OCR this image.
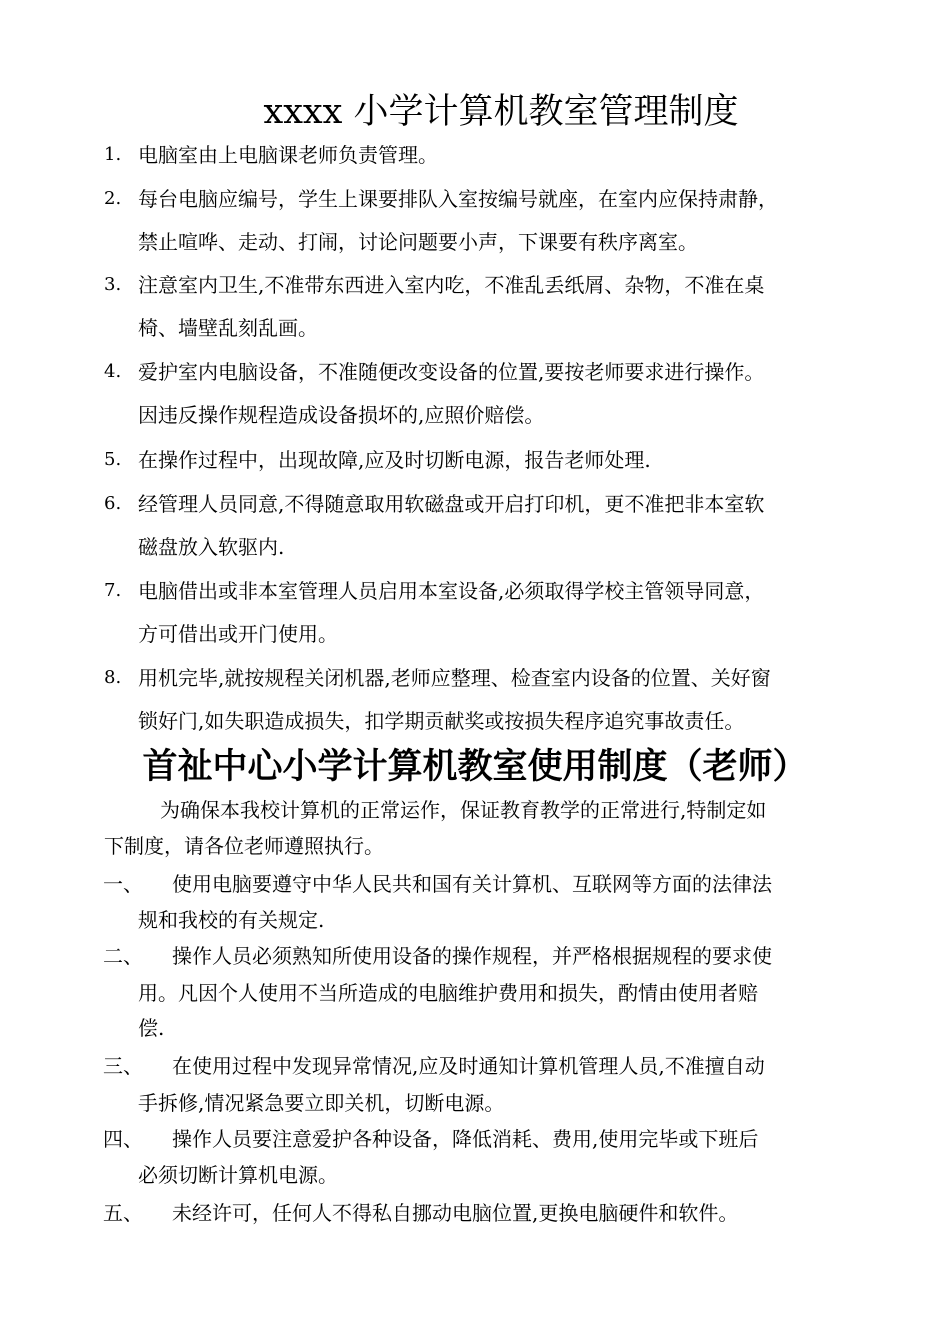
xxxx 小学计算机教室管理制度
1. 电脑室由上电脑课老师负责管理。
2. 每台电脑应编号，学生上课要排队入室按编号就座，在室内应保持肃静，
禁止喧哗、走动、打闹，讨论问题要小声，下课要有秩序离室。
3. 注意室内卫生,不准带东西进入室内吃，不准乱丢纸屑、杂物，不准在桌
椅、墙壁乱刻乱画。
4. 爱护室内电脑设备，不准随便改变设备的位置,要按老师要求进行操作。
因违反操作规程造成设备损坏的,应照价赔偿。
5. 在操作过程中，出现故障,应及时切断电源，报告老师处理.
6. 经管理人员同意,不得随意取用软磁盘或开启打印机，更不准把非本室软
磁盘放入软驱内.
7. 电脑借出或非本室管理人员启用本室设备,必须取得学校主管领导同意，
方可借出或开门使用。
8. 用机完毕,就按规程关闭机器,老师应整理、检查室内设备的位置、关好窗
锁好门,如失职造成损失，扣学期贡献奖或按损失程序追究事故责任。
首祉中心小学计算机教室使用制度（老师）
为确保本我校计算机的正常运作，保证教育教学的正常进行,特制定如
下制度，请各位老师遵照执行。
一、 使用电脑要遵守中华人民共和国有关计算机、互联网等方面的法律法
规和我校的有关规定.
二、 操作人员必须熟知所使用设备的操作规程，并严格根据规程的要求使
用。凡因个人使用不当所造成的电脑维护费用和损失，酌情由使用者赔
偿.
三、 在使用过程中发现异常情况,应及时通知计算机管理人员,不准擅自动
手拆修,情况紧急要立即关机，切断电源。
四、 操作人员要注意爱护各种设备，降低消耗、费用,使用完毕或下班后
必须切断计算机电源。
五、 未经许可，任何人不得私自挪动电脑位置,更换电脑硬件和软件。
